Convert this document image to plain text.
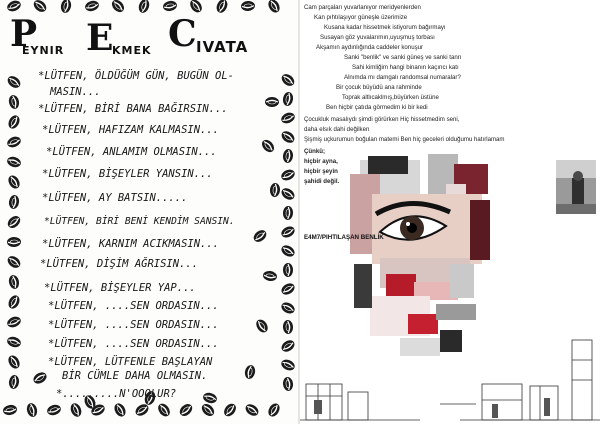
P
EYNIR E KMEK C IVATA
*LÜTFEN, ÖLDÜĞÜM GÜN, BUGÜN OL-
MASIN...
*LÜTFEN, BİRİ BANA BAĞIRSIN...
*LÜTFEN, HAFIZAM KALMASIN...
*LÜTFEN, ANLAMIM OLMASIN...
*LÜTFEN, BİŞEYLER YANSIN...
*LÜTFEN, AY BATSIN.....
*LÜTFEN, BİRİ BENİ KENDİM SANSIN.
*LÜTFEN, KARNIM ACIKMASIN...
*LÜTFEN, DİŞİM AĞRISIN...
*LÜTFEN, BİŞEYLER YAP...
*LÜTFEN, ....SEN ORDASIN...
*LÜTFEN, ....SEN ORDASIN...
*LÜTFEN, ....SEN ORDASIN...
*LÜTFEN, LÜTFENLE BAŞLAYAN
BİR CÜMLE DAHA OLMASIN.
*.........N'OOOLUR?
Cam parçaları yuvarlanıyor meridyenlerden
Kan pıhtılaşıyor güneşle üzerimize
Kusana kadar hissetmek istiyorum bağırmayı
Susayan göz yuvalarımın,uyuşmuş torbası
Akşamın aydınlığında caddeler konuşur
Sanki "benlik" ve sanki güneş ve sanki tanrı
Sahi kimliğim hangi binanın kaçıncı katı
Alnımda mı damgalı randomsal numaralar?
Bir çocuk büyüdü ana rahminde
Toprak altlıcaklmış,büyürken üstüne
Ben hiçbir çatıda görmedim ki bir kedi
Çocukluk masalıydı şimdi görürken Hiç hissetmedim seni,
daha elsık dahi değilken
Şişmiş uçkurumun boğulan matemi Ben hiç geceleri olduğumu hatırlamam
Çünkü;
hiçbir ayna,
hiçbir şeyin
şahidi değil.
E4M7/PIHTILAŞAN BENLİK
